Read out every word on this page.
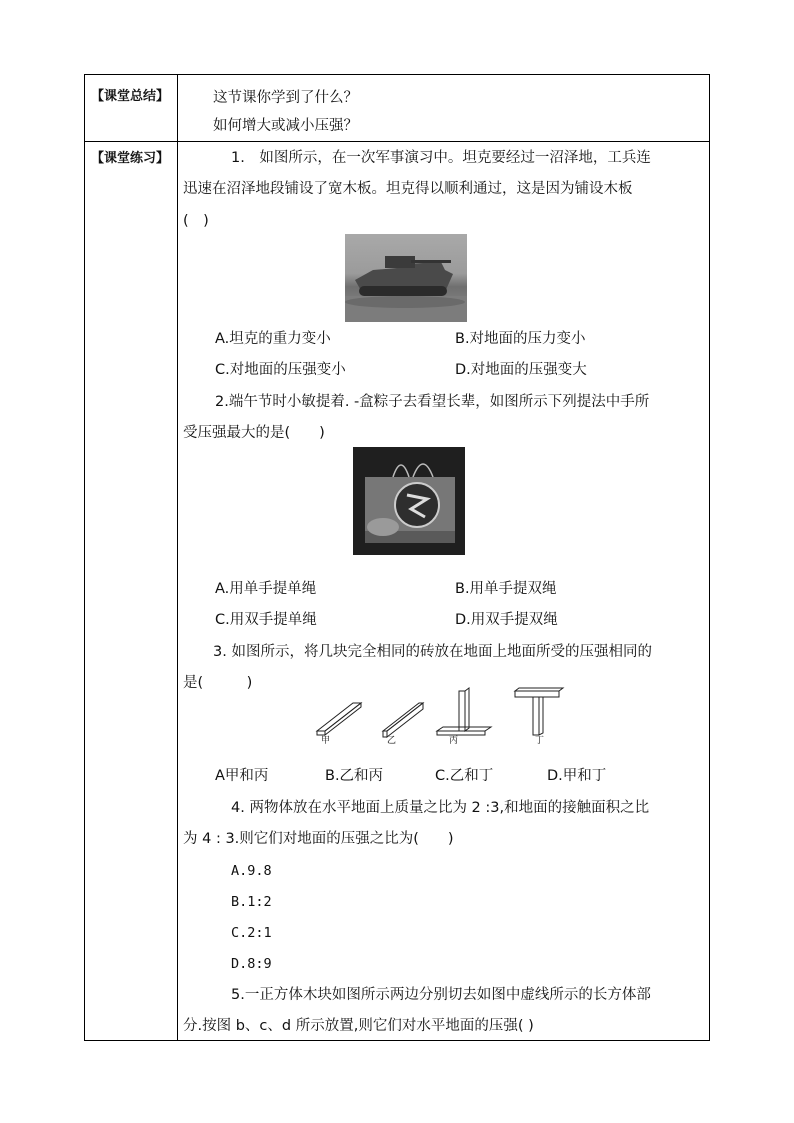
【课堂总结】	这节课你学到了什么？
如何增大或减小压强？
【课堂练习】	1.　如图所示，在一次军事演习中。坦克要经过一沼泽地，工兵连
迅速在沼泽地段铺设了宽木板。坦克得以顺利通过，这是因为铺设木板
(　)
A.坦克的重力变小	B.对地面的压力变小
C.对地面的压强变小	D.对地面的压强变大
2.端午节时小敏提着. -盒粽子去看望长辈，如图所示下列提法中手所
受压强最大的是(　　)
A.用单手提单绳	B.用单手提双绳
C.用双手提单绳	D.用双手提双绳
3. 如图所示，将几块完全相同的砖放在地面上地面所受的压强相同的
是(　　　)
甲	乙	丙	丁
A甲和丙	B.乙和丙	C.乙和丁	D.甲和丁
4. 两物体放在水平地面上质量之比为 2 :3,和地面的接触面积之比
为 4 : 3.则它们对地面的压强之比为(　　)
A.9.8
B.1:2
C.2:1
D.8:9
5.一正方体木块如图所示两边分别切去如图中虚线所示的长方体部
分.按图 b、c、d 所示放置,则它们对水平地面的压强( )
